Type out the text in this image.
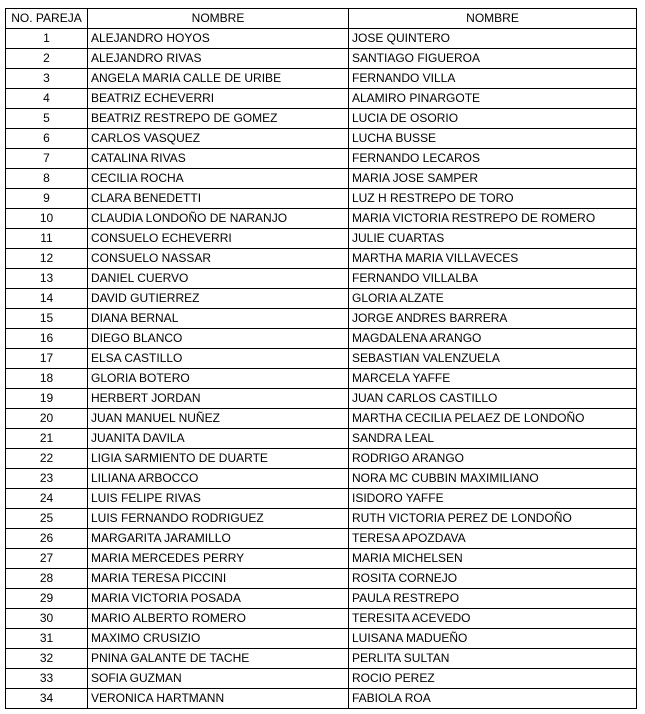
NO. PAREJA	NOMBRE	NOMBRE
1	ALEJANDRO HOYOS	JOSE QUINTERO
2	ALEJANDRO RIVAS	SANTIAGO FIGUEROA
3	ANGELA MARIA CALLE DE URIBE	FERNANDO VILLA
4	BEATRIZ ECHEVERRI	ALAMIRO PINARGOTE
5	BEATRIZ RESTREPO DE GOMEZ	LUCIA DE OSORIO
6	CARLOS VASQUEZ	LUCHA BUSSE
7	CATALINA RIVAS	FERNANDO LECAROS
8	CECILIA ROCHA	MARIA JOSE SAMPER
9	CLARA BENEDETTI	LUZ H RESTREPO DE TORO
10	CLAUDIA LONDOÑO DE NARANJO	MARIA VICTORIA RESTREPO DE ROMERO
11	CONSUELO ECHEVERRI	JULIE CUARTAS
12	CONSUELO NASSAR	MARTHA MARIA VILLAVECES
13	DANIEL CUERVO	FERNANDO VILLALBA
14	DAVID GUTIERREZ	GLORIA ALZATE
15	DIANA BERNAL	JORGE ANDRES BARRERA
16	DIEGO BLANCO	MAGDALENA ARANGO
17	ELSA CASTILLO	SEBASTIAN VALENZUELA
18	GLORIA BOTERO	MARCELA YAFFE
19	HERBERT JORDAN	JUAN CARLOS CASTILLO
20	JUAN MANUEL NUÑEZ	MARTHA CECILIA PELAEZ DE LONDOÑO
21	JUANITA DAVILA	SANDRA LEAL
22	LIGIA SARMIENTO DE DUARTE	RODRIGO ARANGO
23	LILIANA ARBOCCO	NORA MC CUBBIN MAXIMILIANO
24	LUIS FELIPE RIVAS	ISIDORO YAFFE
25	LUIS FERNANDO RODRIGUEZ	RUTH VICTORIA PEREZ DE LONDOÑO
26	MARGARITA JARAMILLO	TERESA APOZDAVA
27	MARIA MERCEDES PERRY	MARIA MICHELSEN
28	MARIA TERESA PICCINI	ROSITA CORNEJO
29	MARIA VICTORIA POSADA	PAULA RESTREPO
30	MARIO ALBERTO ROMERO	TERESITA ACEVEDO
31	MAXIMO CRUSIZIO	LUISANA MADUEÑO
32	PNINA GALANTE DE TACHE	PERLITA SULTAN
33	SOFIA GUZMAN	ROCIO PEREZ
34	VERONICA HARTMANN	FABIOLA ROA
